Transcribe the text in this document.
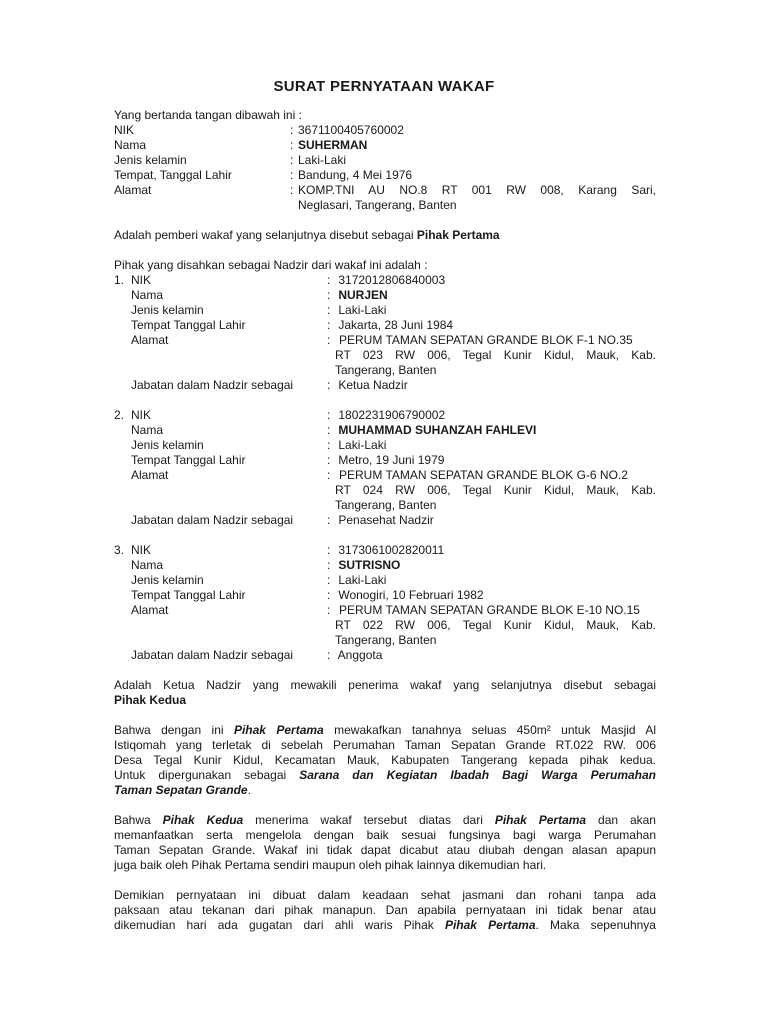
SURAT PERNYATAAN WAKAF
Yang bertanda tangan dibawah ini :
NIK	: 3671100405760002
Nama	: SUHERMAN
Jenis kelamin	: Laki-Laki
Tempat, Tanggal Lahir	: Bandung, 4 Mei 1976
Alamat	: KOMP.TNI  AU  NO.8  RT  001  RW  008,  Karang  Sari,
Neglasari, Tangerang, Banten
Adalah pemberi wakaf yang selanjutnya disebut sebagai Pihak Pertama
Pihak yang disahkan sebagai Nadzir dari wakaf ini adalah :
1. NIK	: 3172012806840003
Nama	: NURJEN
Jenis kelamin	: Laki-Laki
Tempat Tanggal Lahir	: Jakarta, 28 Juni 1984
Alamat	: PERUM TAMAN SEPATAN GRANDE BLOK F-1 NO.35
RT  023  RW  006,  Tegal  Kunir  Kidul,  Mauk,  Kab.
Tangerang, Banten
Jabatan dalam Nadzir sebagai	: Ketua Nadzir
2. NIK	: 1802231906790002
Nama	: MUHAMMAD SUHANZAH FAHLEVI
Jenis kelamin	: Laki-Laki
Tempat Tanggal Lahir	: Metro, 19 Juni 1979
Alamat	: PERUM TAMAN SEPATAN GRANDE BLOK G-6 NO.2
RT  024  RW  006,  Tegal  Kunir  Kidul,  Mauk,  Kab.
Tangerang, Banten
Jabatan dalam Nadzir sebagai	: Penasehat Nadzir
3. NIK	: 3173061002820011
Nama	: SUTRISNO
Jenis kelamin	: Laki-Laki
Tempat Tanggal Lahir	: Wonogiri, 10 Februari 1982
Alamat	: PERUM TAMAN SEPATAN GRANDE BLOK E-10 NO.15
RT  022  RW  006,  Tegal  Kunir  Kidul,  Mauk,  Kab.
Tangerang, Banten
Jabatan dalam Nadzir sebagai	: Anggota
Adalah Ketua Nadzir yang mewakili penerima wakaf yang selanjutnya disebut sebagai
Pihak Kedua
Bahwa dengan ini Pihak Pertama mewakafkan tanahnya seluas 450m² untuk Masjid Al
Istiqomah yang terletak di sebelah Perumahan Taman Sepatan Grande RT.022 RW. 006
Desa Tegal Kunir Kidul, Kecamatan Mauk, Kabupaten Tangerang kepada pihak kedua.
Untuk dipergunakan sebagai Sarana dan Kegiatan Ibadah Bagi Warga Perumahan
Taman Sepatan Grande.
Bahwa Pihak Kedua menerima wakaf tersebut diatas dari Pihak Pertama dan akan
memanfaatkan serta mengelola dengan baik sesuai fungsinya bagi warga Perumahan
Taman Sepatan Grande. Wakaf ini tidak dapat dicabut atau diubah dengan alasan apapun
juga baik oleh Pihak Pertama sendiri maupun oleh pihak lainnya dikemudian hari.
Demikian pernyataan ini dibuat dalam keadaan sehat jasmani dan rohani tanpa ada
paksaan atau tekanan dari pihak manapun. Dan apabila pernyataan ini tidak benar atau
dikemudian hari ada gugatan dari ahli waris Pihak Pihak Pertama. Maka sepenuhnya
